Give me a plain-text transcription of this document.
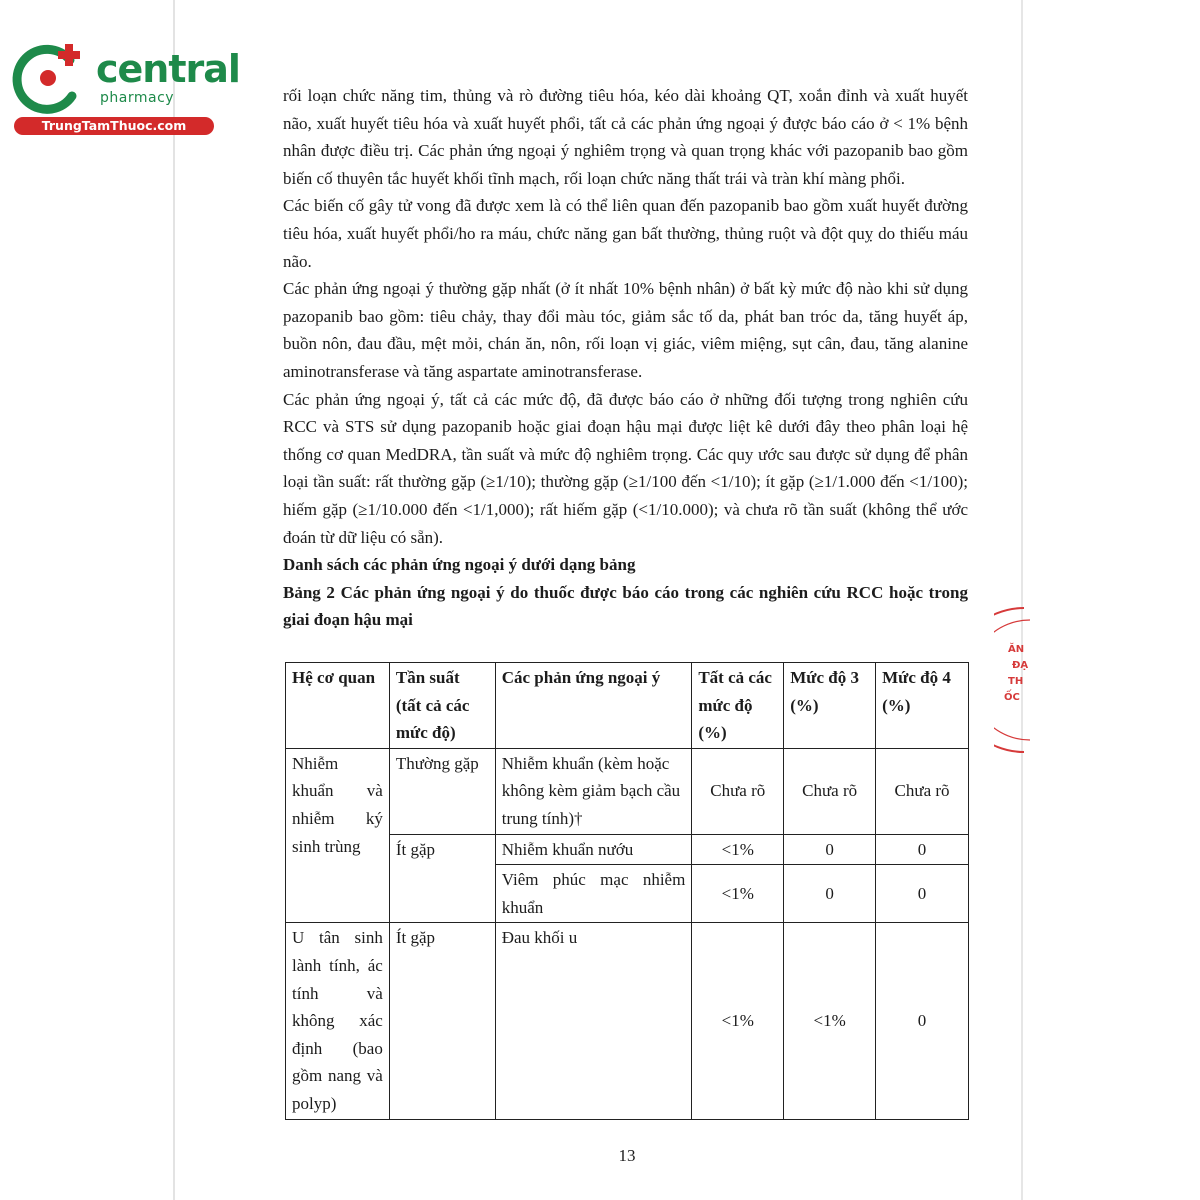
central
pharmacy
TrungTamThuoc.com

rối loạn chức năng tim, thủng và rò đường tiêu hóa, kéo dài khoảng QT, xoắn đỉnh và xuất huyết não, xuất huyết tiêu hóa và xuất huyết phổi, tất cả các phản ứng ngoại ý được báo cáo ở < 1% bệnh nhân được điều trị. Các phản ứng ngoại ý nghiêm trọng và quan trọng khác với pazopanib bao gồm biến cố thuyên tắc huyết khối tĩnh mạch, rối loạn chức năng thất trái và tràn khí màng phổi.

Các biến cố gây tử vong đã được xem là có thể liên quan đến pazopanib bao gồm xuất huyết đường tiêu hóa, xuất huyết phổi/ho ra máu, chức năng gan bất thường, thủng ruột và đột quỵ do thiếu máu não.

Các phản ứng ngoại ý thường gặp nhất (ở ít nhất 10% bệnh nhân) ở bất kỳ mức độ nào khi sử dụng pazopanib bao gồm: tiêu chảy, thay đổi màu tóc, giảm sắc tố da, phát ban tróc da, tăng huyết áp, buồn nôn, đau đầu, mệt mỏi, chán ăn, nôn, rối loạn vị giác, viêm miệng, sụt cân, đau, tăng alanine aminotransferase và tăng aspartate aminotransferase.

Các phản ứng ngoại ý, tất cả các mức độ, đã được báo cáo ở những đối tượng trong nghiên cứu RCC và STS sử dụng pazopanib hoặc giai đoạn hậu mại được liệt kê dưới đây theo phân loại hệ thống cơ quan MedDRA, tần suất và mức độ nghiêm trọng. Các quy ước sau được sử dụng để phân loại tần suất: rất thường gặp (≥1/10); thường gặp (≥1/100 đến <1/10); ít gặp (≥1/1.000 đến <1/100); hiếm gặp (≥1/10.000 đến <1/1,000); rất hiếm gặp (<1/10.000); và chưa rõ tần suất (không thể ước đoán từ dữ liệu có sẵn).

Danh sách các phản ứng ngoại ý dưới dạng bảng

Bảng 2 Các phản ứng ngoại ý do thuốc được báo cáo trong các nghiên cứu RCC hoặc trong giai đoạn hậu mại

Hệ cơ quan	Tần suất (tất cả các mức độ)	Các phản ứng ngoại ý	Tất cả các mức độ (%)	Mức độ 3 (%)	Mức độ 4 (%)
Nhiễm khuẩn và nhiễm ký sinh trùng	Thường gặp	Nhiễm khuẩn (kèm hoặc không kèm giảm bạch cầu trung tính)†	Chưa rõ	Chưa rõ	Chưa rõ
	Ít gặp	Nhiễm khuẩn nướu	<1%	0	0
		Viêm phúc mạc nhiễm khuẩn	<1%	0	0
U tân sinh lành tính, ác tính và không xác định (bao gồm nang và polyp)	Ít gặp	Đau khối u	<1%	<1%	0
13
ĂN
ĐẠ
TH
ỐC
